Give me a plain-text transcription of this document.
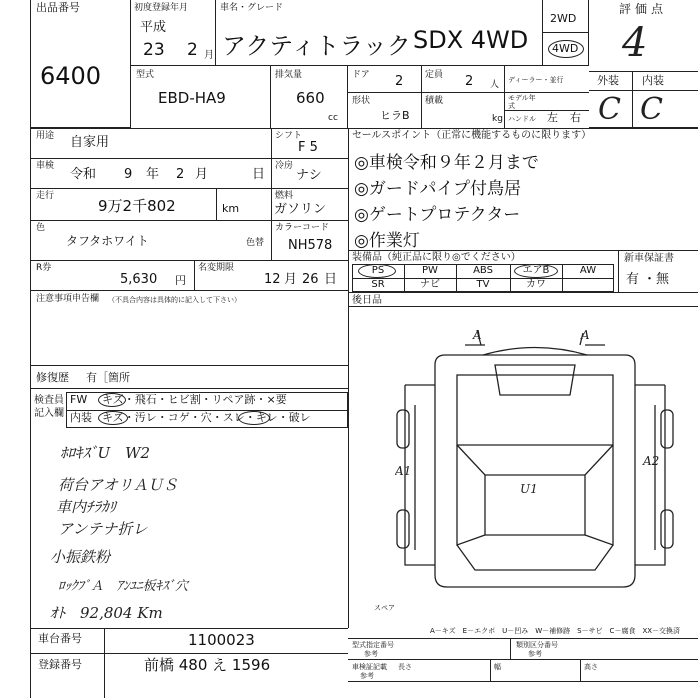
出品番号
6400
初度登録年月
平成
23 2 月
車名・グレード
アクティトラック SDX 4WD
2WD
4WD
評価点
4
外装 内装
C C
型式
EBD-HA9
排気量
660
cc
ドア 2 定員 2 人 ディーラー・並行
形状
ヒラB
積載
kg
モデル年式
ハンドル 左 右
用途 自家用	シフト
F 5
車検
令和 9 年 2 月	日
冷房
ナシ
走行
9万2千802	km
燃料
ガソリン
色
タフタホワイト	色替
カラーコード
NH578
R券
5,630 円
名変期限
12 月 26 日
注意事項申告欄 （不具合内容は具体的に記入して下さい）
修復歴 有［箇所
検査員
記入欄
FW キズ・飛石・ヒビ割・リペア跡・×要
内装 キズ・汚レ・コゲ・穴・スレ・キレ・破レ
ﾎﾛｷｽﾞU　W2
荷台アオリＡＵＳ
車内ﾁﾗｶﾘ
アンテナ折レ
小振鉄粉
ﾛｯｸﾌﾞＡ　ｱﾝﾕﾆ板ｷｽﾞ穴
ｵﾄ　92,804 Km
セールスポイント（正常に機能するものに限ります）
◎車検令和９年２月まで
◎ガードパイプ付鳥居
◎ゲートプロテクター
◎作業灯
装備品（純正品に限り◎でください）
PS	PW	ABS	エアB	AW
SR	ナビ	TV	カワ
新車保証書
有 ・ 無
後日品
A1
A	A
A2
U1
スペア
A－キズ　E－エクボ　U－凹み　W－補修跡　S－サビ　C－腐食　XX－交換済
車台番号	1100023
登録番号	前橋 480 え 1596
型式指定番号
参考
類別区分番号
参考
車検証記載
参考
長さ	幅	高さ
